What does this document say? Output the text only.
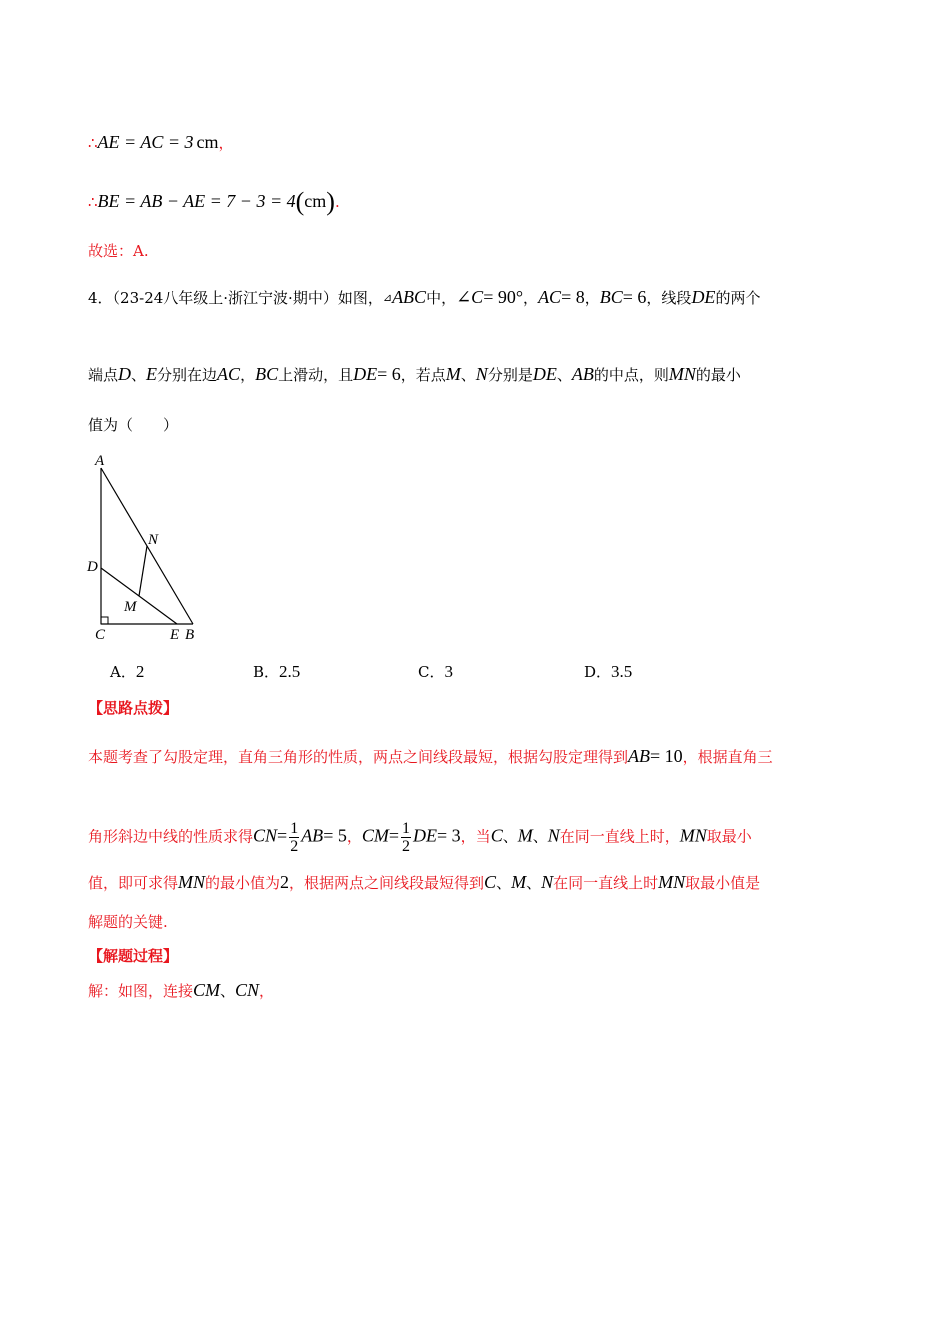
∴AE = AC = 3 cm，
∴BE = AB − AE = 7 − 3 = 4(cm).
故选：A.
4．（23-24八年级上·浙江宁波·期中）如图，⊿ABC中，∠C= 90°，AC= 8，BC= 6，线段DE的两个
端点D、E分别在边AC，BC上滑动，且DE= 6，若点M、N分别是DE、AB的中点，则MN的最小
值为（　　）
A
N
D
M
C	E B
A．2	B．2.5	C．3	D．3.5
【思路点拨】
本题考查了勾股定理，直角三角形的性质，两点之间线段最短，根据勾股定理得到AB= 10，根据直角三
角形斜边中线的性质求得$CN= \frac{1}{2} AB= 5$，$CM= \frac{1}{2} DE= 3$，当C、M、N在同一直线上时，MN取最小
值，即可求得MN的最小值为2，根据两点之间线段最短得到C、M、N在同一直线上时MN取最小值是
解题的关键.
【解题过程】
解：如图，连接CM、CN，
